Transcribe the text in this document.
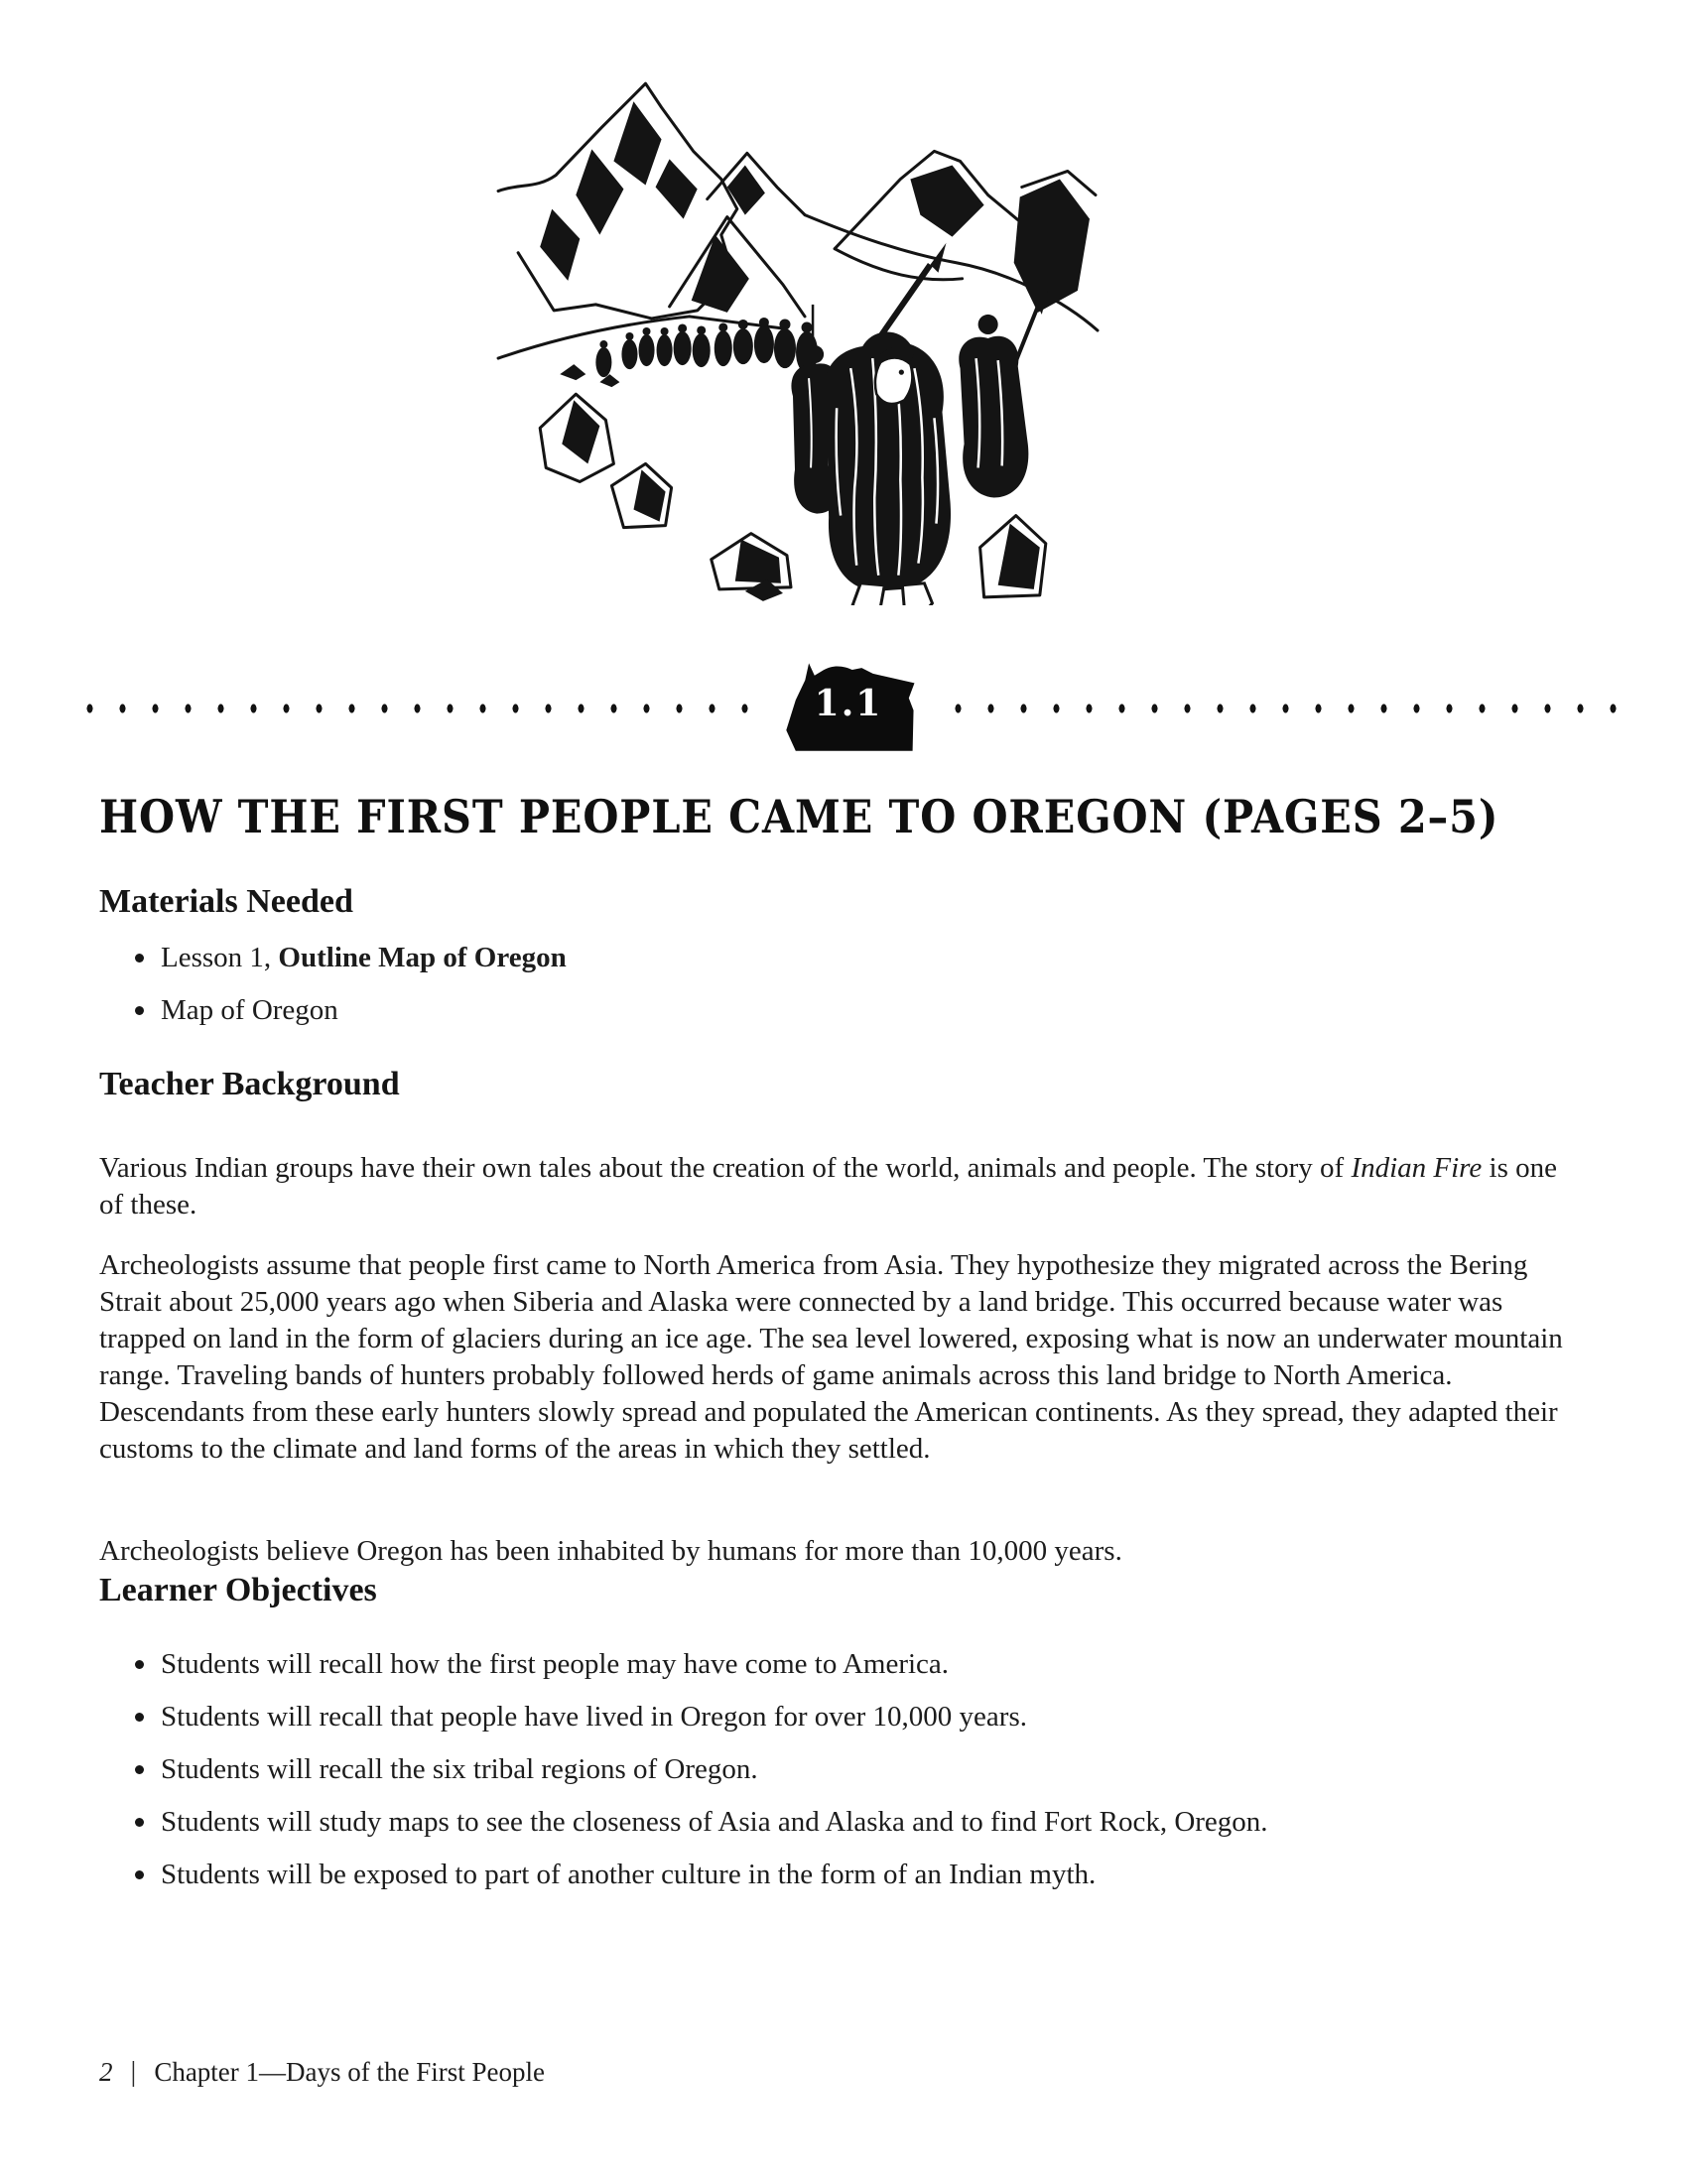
1.1
HOW THE FIRST PEOPLE CAME TO OREGON (PAGES 2–5)
Materials Needed
Lesson 1, Outline Map of Oregon
Map of Oregon
Teacher Background

Various Indian groups have their own tales about the creation of the world, animals and people. The story of Indian Fire is one of these.

Archeologists assume that people first came to North America from Asia. They hypothesize they migrated across the Bering Strait about 25,000 years ago when Siberia and Alaska were connected by a land bridge. This occurred because water was trapped on land in the form of glaciers during an ice age. The sea level lowered, exposing what is now an underwater mountain range. Traveling bands of hunters probably followed herds of game animals across this land bridge to North America. Descendants from these early hunters slowly spread and populated the American continents. As they spread, they adapted their customs to the climate and land forms of the areas in which they settled.

Archeologists believe Oregon has been inhabited by humans for more than 10,000 years.

Learner Objectives
Students will recall how the first people may have come to America.
Students will recall that people have lived in Oregon for over 10,000 years.
Students will recall the six tribal regions of Oregon.
Students will study maps to see the closeness of Asia and Alaska and to find Fort Rock, Oregon.
Students will be exposed to part of another culture in the form of an Indian myth.
2 | Chapter 1—Days of the First People
